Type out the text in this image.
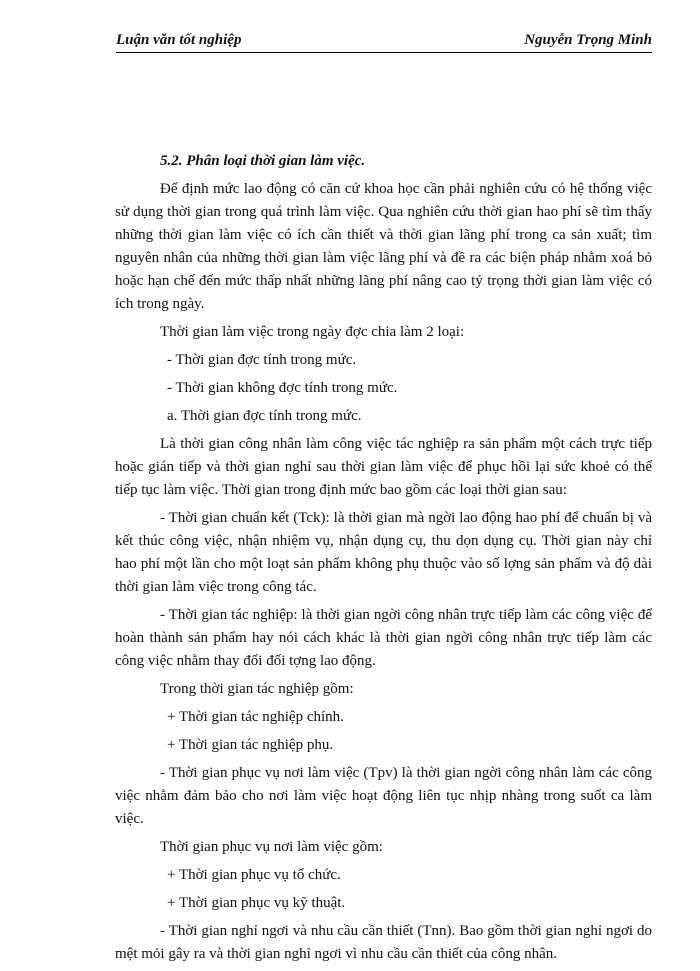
Luận văn tốt nghiệp	Nguyễn Trọng Minh

5.2. Phân loại thời gian làm việc.

Để định mức lao động có căn cứ khoa học cần phải nghiên cứu có hệ thống việc sử dụng thời gian trong quá trình làm việc. Qua nghiên cứu thời gian hao phí sẽ tìm thấy những thời gian làm việc có ích cần thiết và thời gian lãng phí trong ca sản xuất; tìm nguyên nhân của những thời gian làm việc lãng phí và đề ra các biện pháp nhằm xoá bỏ hoặc hạn chế đến mức thấp nhất những lãng phí nâng cao tỷ trọng thời gian làm việc có ích trong ngày.

Thời gian làm việc trong ngày đợc chia làm 2 loại:

- Thời gian đợc tính trong mức.

- Thời gian không đợc tính trong mức.

a. Thời gian đợc tính trong mức.

Là thời gian công nhân làm công việc tác nghiệp ra sản phẩm một cách trực tiếp hoặc gián tiếp và thời gian nghỉ sau thời gian làm việc để phục hồi lại sức khoẻ có thể tiếp tục làm việc. Thời gian trong định mức bao gồm các loại thời gian sau:

- Thời gian chuẩn kết (Tck): là thời gian mà ngời lao động hao phí để chuẩn bị và kết thúc công việc, nhận nhiệm vụ, nhận dụng cụ, thu dọn dụng cụ. Thời gian này chỉ hao phí một lần cho một loạt sản phẩm không phụ thuộc vào số lợng sản phẩm và độ dài thời gian làm việc trong công tác.

- Thời gian tác nghiệp: là thời gian ngời công nhân trực tiếp làm các công việc để hoàn thành sản phẩm hay nói cách khác là thời gian ngời công nhân trực tiếp làm các công việc nhằm thay đổi đối tợng lao động.

Trong thời gian tác nghiệp gồm:

+ Thời gian tác nghiệp chính.

+ Thời gian tác nghiệp phụ.

- Thời gian phục vụ nơi làm việc (Tpv) là thời gian ngời công nhân làm các công việc nhằm đảm bảo cho nơi làm việc hoạt động liên tục nhịp nhàng trong suốt ca làm việc.

Thời gian phục vụ nơi làm việc gồm:

+ Thời gian phục vụ tổ chức.

+ Thời gian phục vụ kỹ thuật.

- Thời gian nghỉ ngơi và nhu cầu cần thiết (Tnn). Bao gồm thời gian nghỉ ngơi do mệt mỏi gây ra và thời gian nghỉ ngơi vì nhu cầu cần thiết của công nhân.
